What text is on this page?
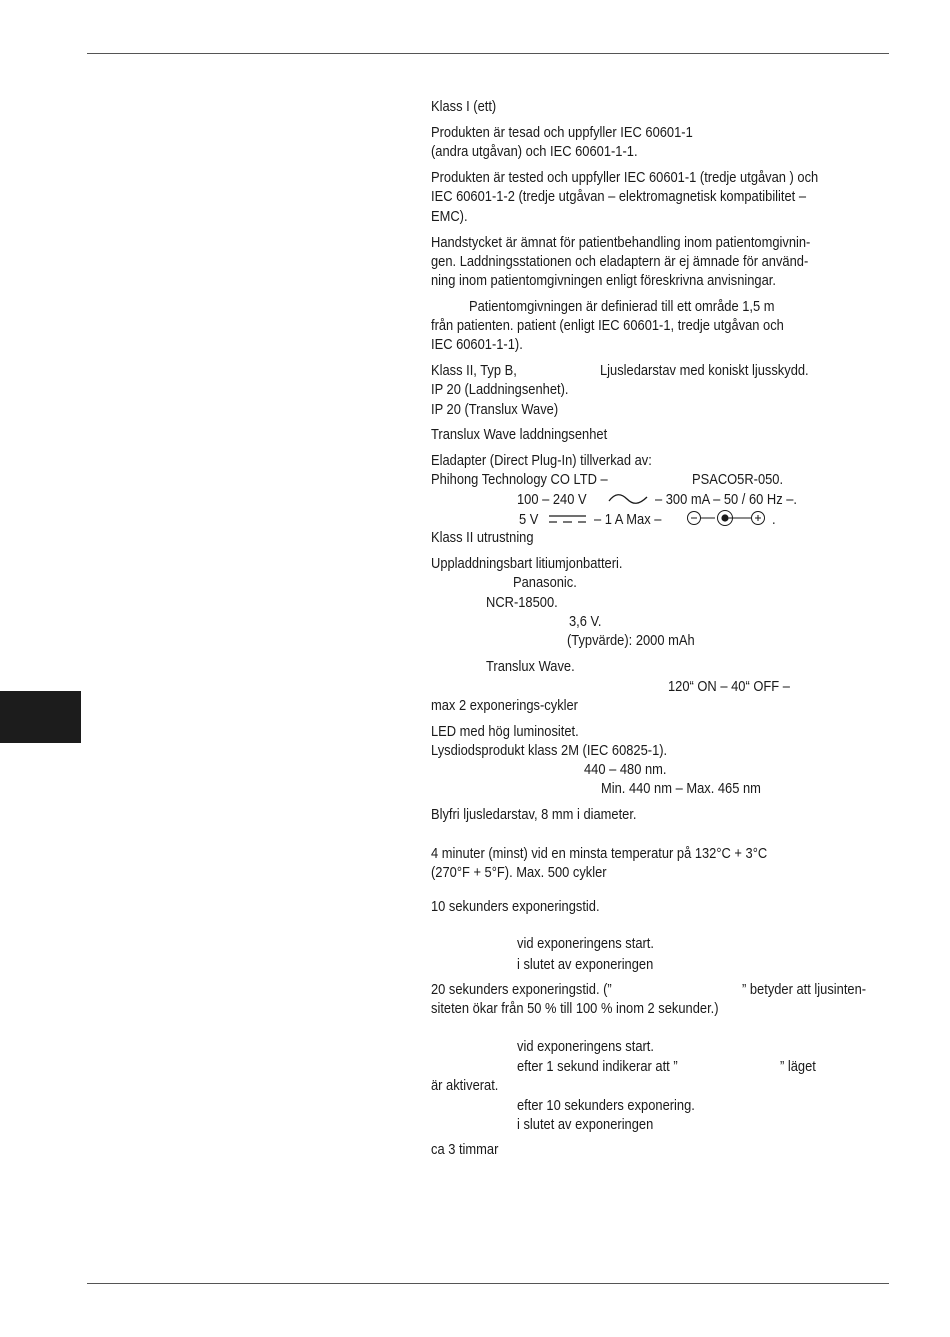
Klass I (ett)
Produkten är tesad och uppfyller IEC 60601-1
(andra utgåvan) och IEC 60601-1-1.
Produkten är tested och uppfyller IEC 60601-1 (tredje utgåvan ) och
IEC 60601-1-2 (tredje utgåvan – elektromagnetisk kompatibilitet –
EMC).
Handstycket är ämnat för patientbehandling inom patientomgivnin-
gen. Laddningsstationen och eladaptern är ej ämnade för använd-
ning inom patientomgivningen enligt föreskrivna anvisningar.
Patientomgivningen är definierad till ett område 1,5 m
från patienten. patient (enligt IEC 60601-1, tredje utgåvan och
IEC 60601-1-1).
Klass II, Typ B,	Ljusledarstav med koniskt ljusskydd.
IP 20 (Laddningsenhet).
IP 20 (Translux Wave)
Translux Wave laddningsenhet
Eladapter (Direct Plug-In) tillverkad av:
Phihong Technology CO LTD –	PSACO5R-050.
100 – 240 V	– 300 mA – 50 / 60 Hz –.
5 V	– 1 A Max –	.
Klass II utrustning
Uppladdningsbart litiumjonbatteri.
Panasonic.
NCR-18500.
3,6 V.
(Typvärde): 2000 mAh
Translux Wave.
120“ ON – 40“ OFF –
max 2 exponerings-cykler
LED med hög luminositet.
Lysdiodsprodukt klass 2M (IEC 60825-1).
440 – 480 nm.
Min. 440 nm – Max. 465 nm
Blyfri ljusledarstav, 8 mm i diameter.
4 minuter (minst) vid en minsta temperatur på 132°C + 3°C
(270°F + 5°F). Max. 500 cykler
10 sekunders exponeringstid.
vid exponeringens start.
i slutet av exponeringen
20 sekunders exponeringstid. (”	” betyder att ljusinten-
siteten ökar från 50 % till 100 % inom 2 sekunder.)
vid exponeringens start.
efter 1 sekund indikerar att ”	” läget
är aktiverat.
efter 10 sekunders exponering.
i slutet av exponeringen
ca 3 timmar
